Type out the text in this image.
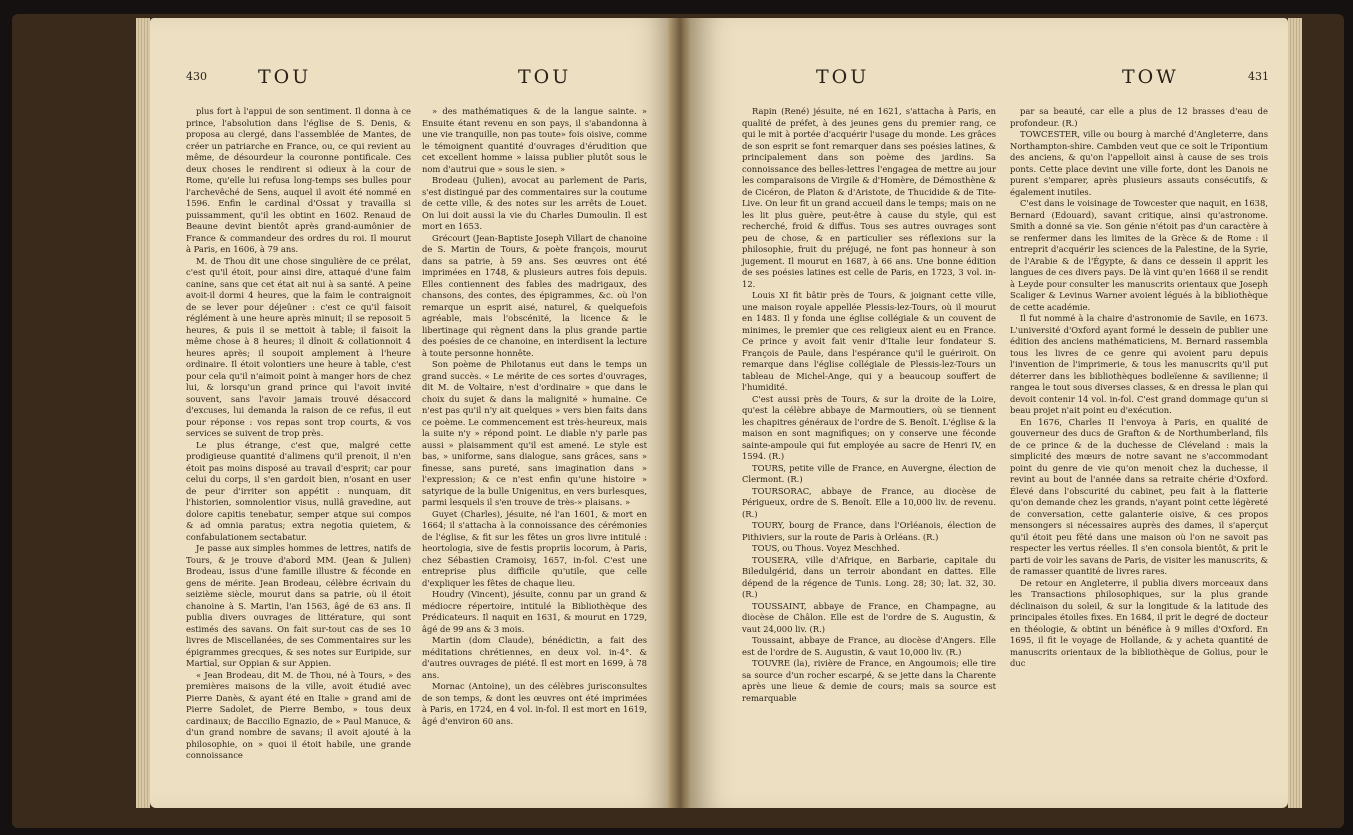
430	TOU	TOU

plus fort à l'appui de son sentiment. Il donna à ce prince, l'absolution dans l'église de S. Denis, & proposa au clergé, dans l'assemblée de Mantes, de créer un patriarche en France, ou, ce qui revient au même, de désourdeur la couronne pontificale. Ces deux choses le rendirent si odieux à la cour de Rome, qu'elle lui refusa long-temps ses bulles pour l'archevêché de Sens, auquel il avoit été nommé en 1596. Enfin le cardinal d'Ossat y travailla si puissamment, qu'il les obtint en 1602. Renaud de Beaune devint bientôt après grand-aumônier de France & commandeur des ordres du roi. Il mourut à Paris, en 1606, à 79 ans.

M. de Thou dit une chose singulière de ce prélat, c'est qu'il étoit, pour ainsi dire, attaqué d'une faim canine, sans que cet état ait nui à sa santé. A peine avoit-il dormi 4 heures, que la faim le contraignoit de se lever pour déjeûner : c'est ce qu'il faisoit réglément à une heure après minuit; il se reposoit 5 heures, & puis il se mettoit à table; il faisoit la même chose à 8 heures; il dînoit & collationnoit 4 heures après; il soupoit amplement à l'heure ordinaire. Il étoit volontiers une heure à table, c'est pour cela qu'il n'aimoit point à manger hors de chez lui, & lorsqu'un grand prince qui l'avoit invité souvent, sans l'avoir jamais trouvé désaccord d'excuses, lui demanda la raison de ce refus, il eut pour réponse : vos repas sont trop courts, & vos services se suivent de trop près.

Le plus étrange, c'est que, malgré cette prodigieuse quantité d'alimens qu'il prenoit, il n'en étoit pas moins disposé au travail d'esprit; car pour celui du corps, il s'en gardoit bien, n'osant en user de peur d'irriter son appétit : nunquam, dit l'historien, somnolentior visus, nullâ gravedine, aut dolore capitis tenebatur, semper atque sui compos & ad omnia paratus; extra negotia quietem, & confabulationem sectabatur.

Je passe aux simples hommes de lettres, natifs de Tours, & je trouve d'abord MM. (Jean & Julien) Brodeau, issus d'une famille illustre & féconde en gens de mérite. Jean Brodeau, célèbre écrivain du seizième siècle, mourut dans sa patrie, où il étoit chanoine à S. Martin, l'an 1563, âgé de 63 ans. Il publia divers ouvrages de littérature, qui sont estimés des savans. On fait sur-tout cas de ses 10 livres de Miscellanées, de ses Commentaires sur les épigrammes grecques, & ses notes sur Euripide, sur Martial, sur Oppian & sur Appien.

« Jean Brodeau, dit M. de Thou, né à Tours, » des premières maisons de la ville, avoit étudié avec Pierre Danès, & ayant été en Italie » grand ami de Pierre Sadolet, de Pierre Bembo, » tous deux cardinaux; de Baccilio Egnazio, de » Paul Manuce, & d'un grand nombre de savans; il avoit ajouté à la philosophie, on » quoi il étoit habile, une grande connoissance

» des mathématiques & de la langue sainte. » Ensuite étant revenu en son pays, il s'abandonna à une vie tranquille, non pas toute» fois oisive, comme le témoignent quantité d'ouvrages d'érudition que cet excellent homme » laissa publier plutôt sous le nom d'autrui que » sous le sien. »

Brodeau (Julien), avocat au parlement de Paris, s'est distingué par des commentaires sur la coutume de cette ville, & des notes sur les arrêts de Louet. On lui doit aussi la vie du Charles Dumoulin. Il est mort en 1653.

Grécourt (Jean-Baptiste Joseph Villart de chanoine de S. Martin de Tours, & poète françois, mourut dans sa patrie, à 59 ans. Ses œuvres ont été imprimées en 1748, & plusieurs autres fois depuis. Elles contiennent des fables des madrigaux, des chansons, des contes, des épigrammes, &c. où l'on remarque un esprit aisé, naturel, & quelquefois agréable, mais l'obscénité, la licence & le libertinage qui règnent dans la plus grande partie des poésies de ce chanoine, en interdisent la lecture à toute personne honnête.

Son poème de Philotanus eut dans le temps un grand succès. « Le mérite de ces sortes d'ouvrages, dit M. de Voltaire, n'est d'ordinaire » que dans le choix du sujet & dans la malignité » humaine. Ce n'est pas qu'il n'y ait quelques » vers bien faits dans ce poème. Le commencement est très-heureux, mais la suite n'y » répond point. Le diable n'y parle pas aussi » plaisamment qu'il est amené. Le style est bas, » uniforme, sans dialogue, sans grâces, sans » finesse, sans pureté, sans imagination dans » l'expression; & ce n'est enfin qu'une histoire » satyrique de la bulle Unigenitus, en vers burlesques, parmi lesquels il s'en trouve de très-» plaisans. »

Guyet (Charles), jésuite, né l'an 1601, & mort en 1664; il s'attacha à la connoissance des cérémonies de l'église, & fit sur les fêtes un gros livre intitulé : heortologia, sive de festis propriis locorum, à Paris, chez Sébastien Cramoisy, 1657, in-fol. C'est une entreprise plus difficile qu'utile, que celle d'expliquer les fêtes de chaque lieu.

Houdry (Vincent), jésuite, connu par un grand & médiocre répertoire, intitulé la Bibliothèque des Prédicateurs. Il naquit en 1631, & mourut en 1729, âgé de 99 ans & 3 mois.

Martin (dom Claude), bénédictin, a fait des méditations chrétiennes, en deux vol. in-4°. & d'autres ouvrages de piété. Il est mort en 1699, à 78 ans.

Mornac (Antoine), un des célèbres jurisconsultes de son temps, & dont les œuvres ont été imprimées à Paris, en 1724, en 4 vol. in-fol. Il est mort en 1619, âgé d'environ 60 ans.

TOU	TOW	431

Rapin (René) jésuite, né en 1621, s'attacha à Paris, en qualité de préfet, à des jeunes gens du premier rang, ce qui le mit à portée d'acquérir l'usage du monde. Les grâces de son esprit se font remarquer dans ses poésies latines, & principalement dans son poème des jardins. Sa connoissance des belles-lettres l'engagea de mettre au jour les comparaisons de Virgile & d'Homère, de Démosthène & de Cicéron, de Platon & d'Aristote, de Thucidide & de Tite-Live. On leur fit un grand accueil dans le temps; mais on ne les lit plus guère, peut-être à cause du style, qui est recherché, froid & diffus. Tous ses autres ouvrages sont peu de chose, & en particulier ses réflexions sur la philosophie, fruit du préjugé, ne font pas honneur à son jugement. Il mourut en 1687, à 66 ans. Une bonne édition de ses poésies latines est celle de Paris, en 1723, 3 vol. in-12.

Louis XI fit bâtir près de Tours, & joignant cette ville, une maison royale appellée Plessis-lez-Tours, où il mourut en 1483. Il y fonda une église collégiale & un couvent de minimes, le premier que ces religieux aient eu en France. Ce prince y avoit fait venir d'Italie leur fondateur S. François de Paule, dans l'espérance qu'il le guériroit. On remarque dans l'église collégiale de Plessis-lez-Tours un tableau de Michel-Ange, qui y a beaucoup souffert de l'humidité.

C'est aussi près de Tours, & sur la droite de la Loire, qu'est la célèbre abbaye de Marmoutiers, où se tiennent les chapitres généraux de l'ordre de S. Benoît. L'église & la maison en sont magnifiques; on y conserve une féconde sainte-ampoule qui fut employée au sacre de Henri IV, en 1594. (R.)

TOURS, petite ville de France, en Auvergne, élection de Clermont. (R.)

TOURSORAC, abbaye de France, au diocèse de Périgueux, ordre de S. Benoît. Elle a 10,000 liv. de revenu. (R.)

TOURY, bourg de France, dans l'Orléanois, élection de Pithiviers, sur la route de Paris à Orléans. (R.)

TOUS, ou Thous. Voyez Meschhed.

TOUSERA, ville d'Afrique, en Barbarie, capitale du Biledulgérid, dans un terroir abondant en dattes. Elle dépend de la régence de Tunis. Long. 28; 30; lat. 32, 30. (R.)

TOUSSAINT, abbaye de France, en Champagne, au diocèse de Châlon. Elle est de l'ordre de S. Augustin, & vaut 24,000 liv. (R.)

Toussaint, abbaye de France, au diocèse d'Angers. Elle est de l'ordre de S. Augustin, & vaut 10,000 liv. (R.)

TOUVRE (la), rivière de France, en Angoumois; elle tire sa source d'un rocher escarpé, & se jette dans la Charente après une lieue & demie de cours; mais sa source est remarquable

par sa beauté, car elle a plus de 12 brasses d'eau de profondeur. (R.)

TOWCESTER, ville ou bourg à marché d'Angleterre, dans Northampton-shire. Cambden veut que ce soit le Tripontium des anciens, & qu'on l'appelloit ainsi à cause de ses trois ponts. Cette place devint une ville forte, dont les Danois ne purent s'emparer, après plusieurs assauts consécutifs, & également inutiles.

C'est dans le voisinage de Towcester que naquit, en 1638, Bernard (Edouard), savant critique, ainsi qu'astronome. Smith a donné sa vie. Son génie n'étoit pas d'un caractère à se renfermer dans les limites de la Grèce & de Rome : il entreprit d'acquérir les sciences de la Palestine, de la Syrie, de l'Arabie & de l'Égypte, & dans ce dessein il apprit les langues de ces divers pays. De là vint qu'en 1668 il se rendit à Leyde pour consulter les manuscrits orientaux que Joseph Scaliger & Levinus Warner avoient légués à la bibliothèque de cette académie.

Il fut nommé à la chaire d'astronomie de Savile, en 1673. L'université d'Oxford ayant formé le dessein de publier une édition des anciens mathématiciens, M. Bernard rassembla tous les livres de ce genre qui avoient paru depuis l'invention de l'imprimerie, & tous les manuscrits qu'il put déterrer dans les bibliothèques bodleïenne & savilienne; il rangea le tout sous diverses classes, & en dressa le plan qui devoit contenir 14 vol. in-fol. C'est grand dommage qu'un si beau projet n'ait point eu d'exécution.

En 1676, Charles II l'envoya à Paris, en qualité de gouverneur des ducs de Grafton & de Northumberland, fils de ce prince & de la duchesse de Cléveland : mais la simplicité des mœurs de notre savant ne s'accommodant point du genre de vie qu'on menoit chez la duchesse, il revint au bout de l'année dans sa retraite chérie d'Oxford. Élevé dans l'obscurité du cabinet, peu fait à la flatterie qu'on demande chez les grands, n'ayant point cette légèreté de conversation, cette galanterie oisive, & ces propos mensongers si nécessaires auprès des dames, il s'aperçut qu'il étoit peu fêté dans une maison où l'on ne savoit pas respecter les vertus réelles. Il s'en consola bientôt, & prit le parti de voir les savans de Paris, de visiter les manuscrits, & de ramasser quantité de livres rares.

De retour en Angleterre, il publia divers morceaux dans les Transactions philosophiques, sur la plus grande déclinaison du soleil, & sur la longitude & la latitude des principales étoiles fixes. En 1684, il prit le degré de docteur en théologie, & obtint un bénéfice à 9 milles d'Oxford. En 1695, il fit le voyage de Hollande, & y acheta quantité de manuscrits orientaux de la bibliothèque de Golius, pour le duc
